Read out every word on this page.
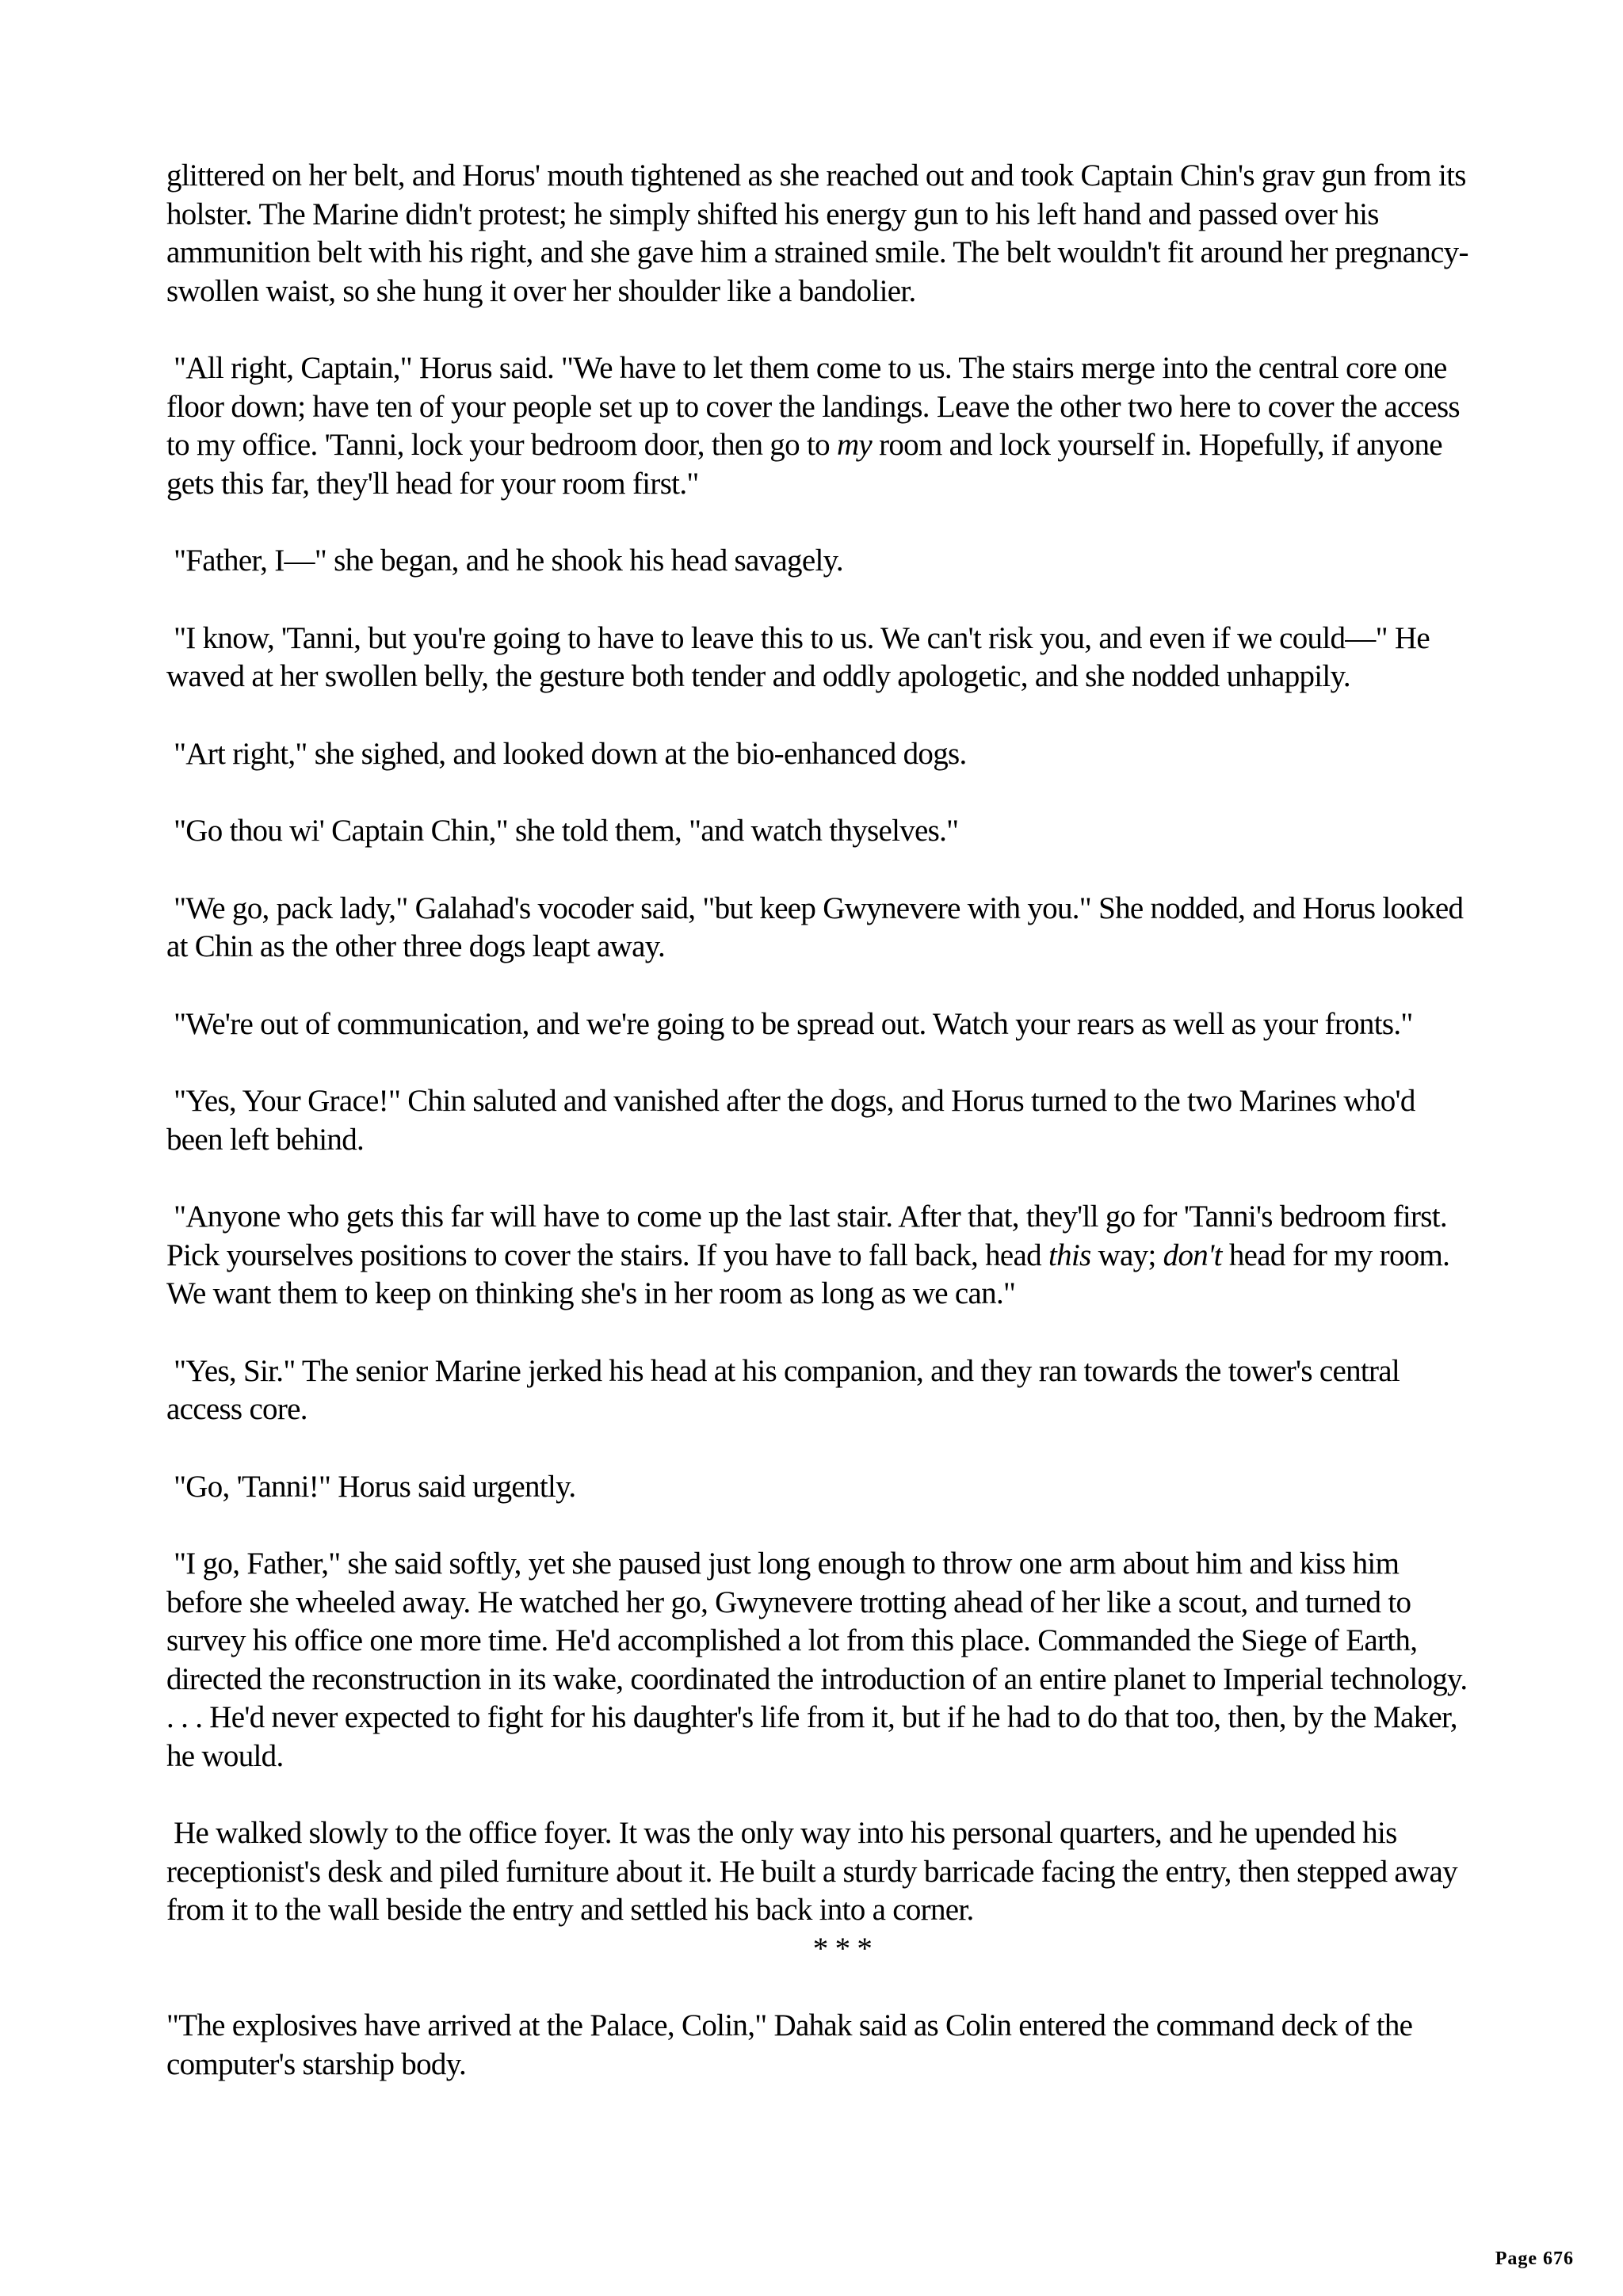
glittered on her belt, and Horus' mouth tightened as she reached out and took Captain Chin's grav gun from its holster. The Marine didn't protest; he simply shifted his energy gun to his left hand and passed over his ammunition belt with his right, and she gave him a strained smile. The belt wouldn't fit around her pregnancy-swollen waist, so she hung it over her shoulder like a bandolier.

"All right, Captain," Horus said. "We have to let them come to us. The stairs merge into the central core one floor down; have ten of your people set up to cover the landings. Leave the other two here to cover the access to my office. 'Tanni, lock your bedroom door, then go to my room and lock yourself in. Hopefully, if anyone gets this far, they'll head for your room first."

"Father, I—" she began, and he shook his head savagely.

"I know, 'Tanni, but you're going to have to leave this to us. We can't risk you, and even if we could—" He waved at her swollen belly, the gesture both tender and oddly apologetic, and she nodded unhappily.

"Art right," she sighed, and looked down at the bio-enhanced dogs.

"Go thou wi' Captain Chin," she told them, "and watch thyselves."

"We go, pack lady," Galahad's vocoder said, "but keep Gwynevere with you." She nodded, and Horus looked at Chin as the other three dogs leapt away.

"We're out of communication, and we're going to be spread out. Watch your rears as well as your fronts."

"Yes, Your Grace!" Chin saluted and vanished after the dogs, and Horus turned to the two Marines who'd been left behind.

"Anyone who gets this far will have to come up the last stair. After that, they'll go for 'Tanni's bedroom first. Pick yourselves positions to cover the stairs. If you have to fall back, head this way; don't head for my room. We want them to keep on thinking she's in her room as long as we can."

"Yes, Sir." The senior Marine jerked his head at his companion, and they ran towards the tower's central access core.

"Go, 'Tanni!" Horus said urgently.

"I go, Father," she said softly, yet she paused just long enough to throw one arm about him and kiss him before she wheeled away. He watched her go, Gwynevere trotting ahead of her like a scout, and turned to survey his office one more time. He'd accomplished a lot from this place. Commanded the Siege of Earth, directed the reconstruction in its wake, coordinated the introduction of an entire planet to Imperial technology. . . . He'd never expected to fight for his daughter's life from it, but if he had to do that too, then, by the Maker, he would.

He walked slowly to the office foyer. It was the only way into his personal quarters, and he upended his receptionist's desk and piled furniture about it. He built a sturdy barricade facing the entry, then stepped away from it to the wall beside the entry and settled his back into a corner.

* * *

"The explosives have arrived at the Palace, Colin," Dahak said as Colin entered the command deck of the computer's starship body.

Page 676
